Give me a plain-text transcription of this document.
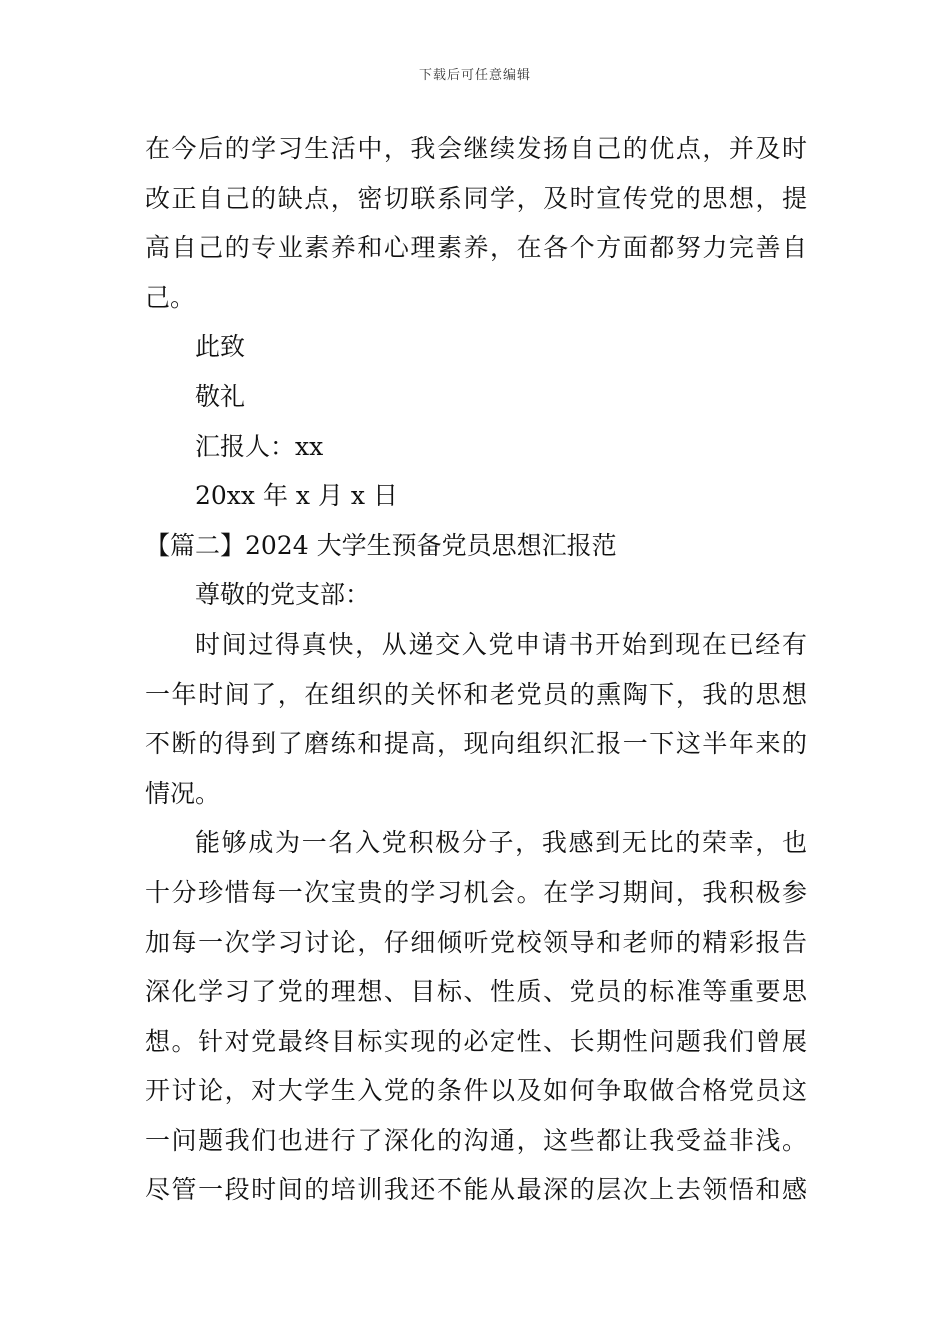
下载后可任意编辑
在今后的学习生活中，我会继续发扬自己的优点，并及时
改正自己的缺点，密切联系同学，及时宣传党的思想，提
高自己的专业素养和心理素养，在各个方面都努力完善自
己。
此致
敬礼
汇报人：xx
20xx 年 x 月 x 日
【篇二】2024 大学生预备党员思想汇报范
尊敬的党支部：
时间过得真快，从递交入党申请书开始到现在已经有
一年时间了，在组织的关怀和老党员的熏陶下，我的思想
不断的得到了磨练和提高，现向组织汇报一下这半年来的
情况。
能够成为一名入党积极分子，我感到无比的荣幸，也
十分珍惜每一次宝贵的学习机会。在学习期间，我积极参
加每一次学习讨论，仔细倾听党校领导和老师的精彩报告
深化学习了党的理想、目标、性质、党员的标准等重要思
想。针对党最终目标实现的必定性、长期性问题我们曾展
开讨论，对大学生入党的条件以及如何争取做合格党员这
一问题我们也进行了深化的沟通，这些都让我受益非浅。
尽管一段时间的培训我还不能从最深的层次上去领悟和感
